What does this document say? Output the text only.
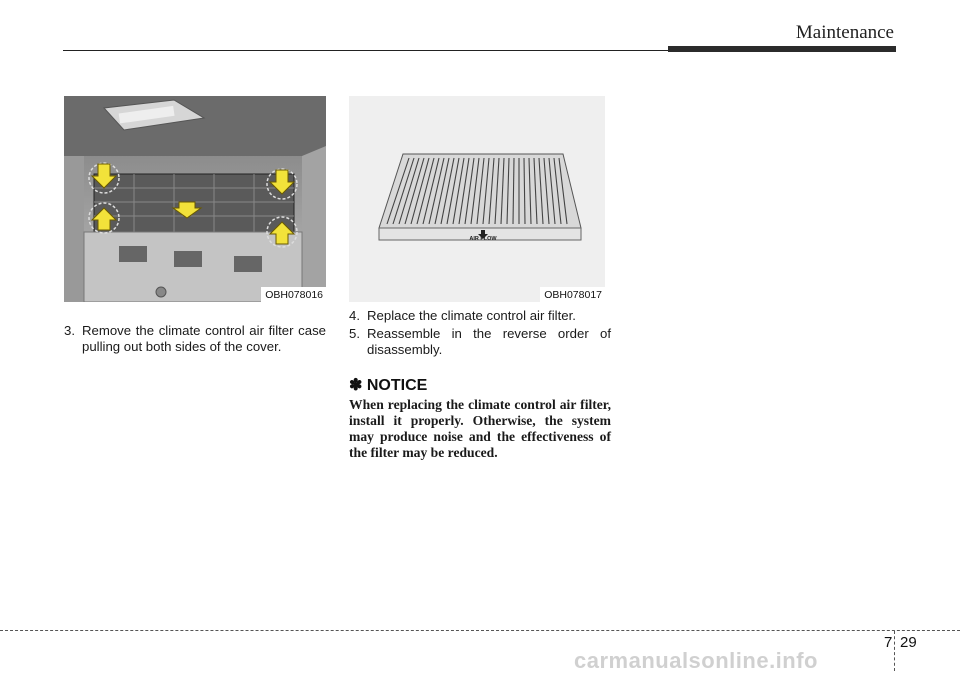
Maintenance
OBH078016
AIR FLOW
OBH078017
3. Remove the climate control air filter case pulling out both sides of the cover.
4. Replace the climate control air filter.
5. Reassemble in the reverse order of disassembly.
✽ NOTICE
When replacing the climate control air filter, install it properly. Otherwise, the system may produce noise and the effectiveness of the filter may be reduced.
7 29
carmanualsonline.info
